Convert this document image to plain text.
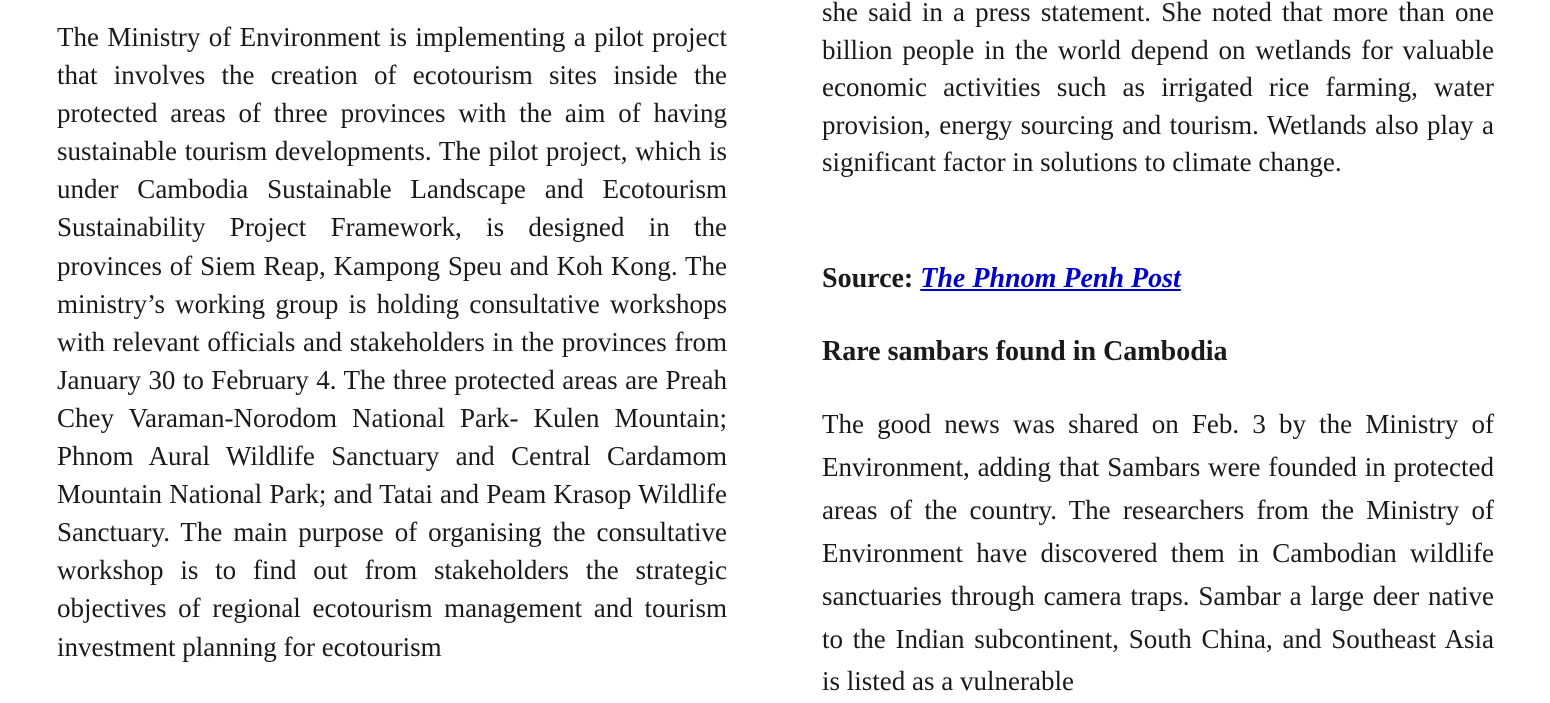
The Ministry of Environment is implementing a pilot project that involves the creation of ecotourism sites inside the protected areas of three provinces with the aim of having sustainable tourism developments. The pilot project, which is under Cambodia Sustainable Landscape and Ecotourism Sustainability Project Framework, is designed in the provinces of Siem Reap, Kampong Speu and Koh Kong. The ministry’s working group is holding consultative workshops with relevant officials and stakeholders in the provinces from January 30 to February 4. The three protected areas are Preah Chey Varaman-Norodom National Park- Kulen Mountain; Phnom Aural Wildlife Sanctuary and Central Cardamom Mountain National Park; and Tatai and Peam Krasop Wildlife Sanctuary. The main purpose of organising the consultative workshop is to find out from stakeholders the strategic objectives of regional ecotourism management and tourism investment planning for ecotourism

she said in a press statement. She noted that more than one billion people in the world depend on wetlands for valuable economic activities such as irrigated rice farming, water provision, energy sourcing and tourism. Wetlands also play a significant factor in solutions to climate change.

Source: The Phnom Penh Post

Rare sambars found in Cambodia

The good news was shared on Feb. 3 by the Ministry of Environment, adding that Sambars were founded in protected areas of the country. The researchers from the Ministry of Environment have discovered them in Cambodian wildlife sanctuaries through camera traps. Sambar a large deer native to the Indian subcontinent, South China, and Southeast Asia is listed as a vulnerable
